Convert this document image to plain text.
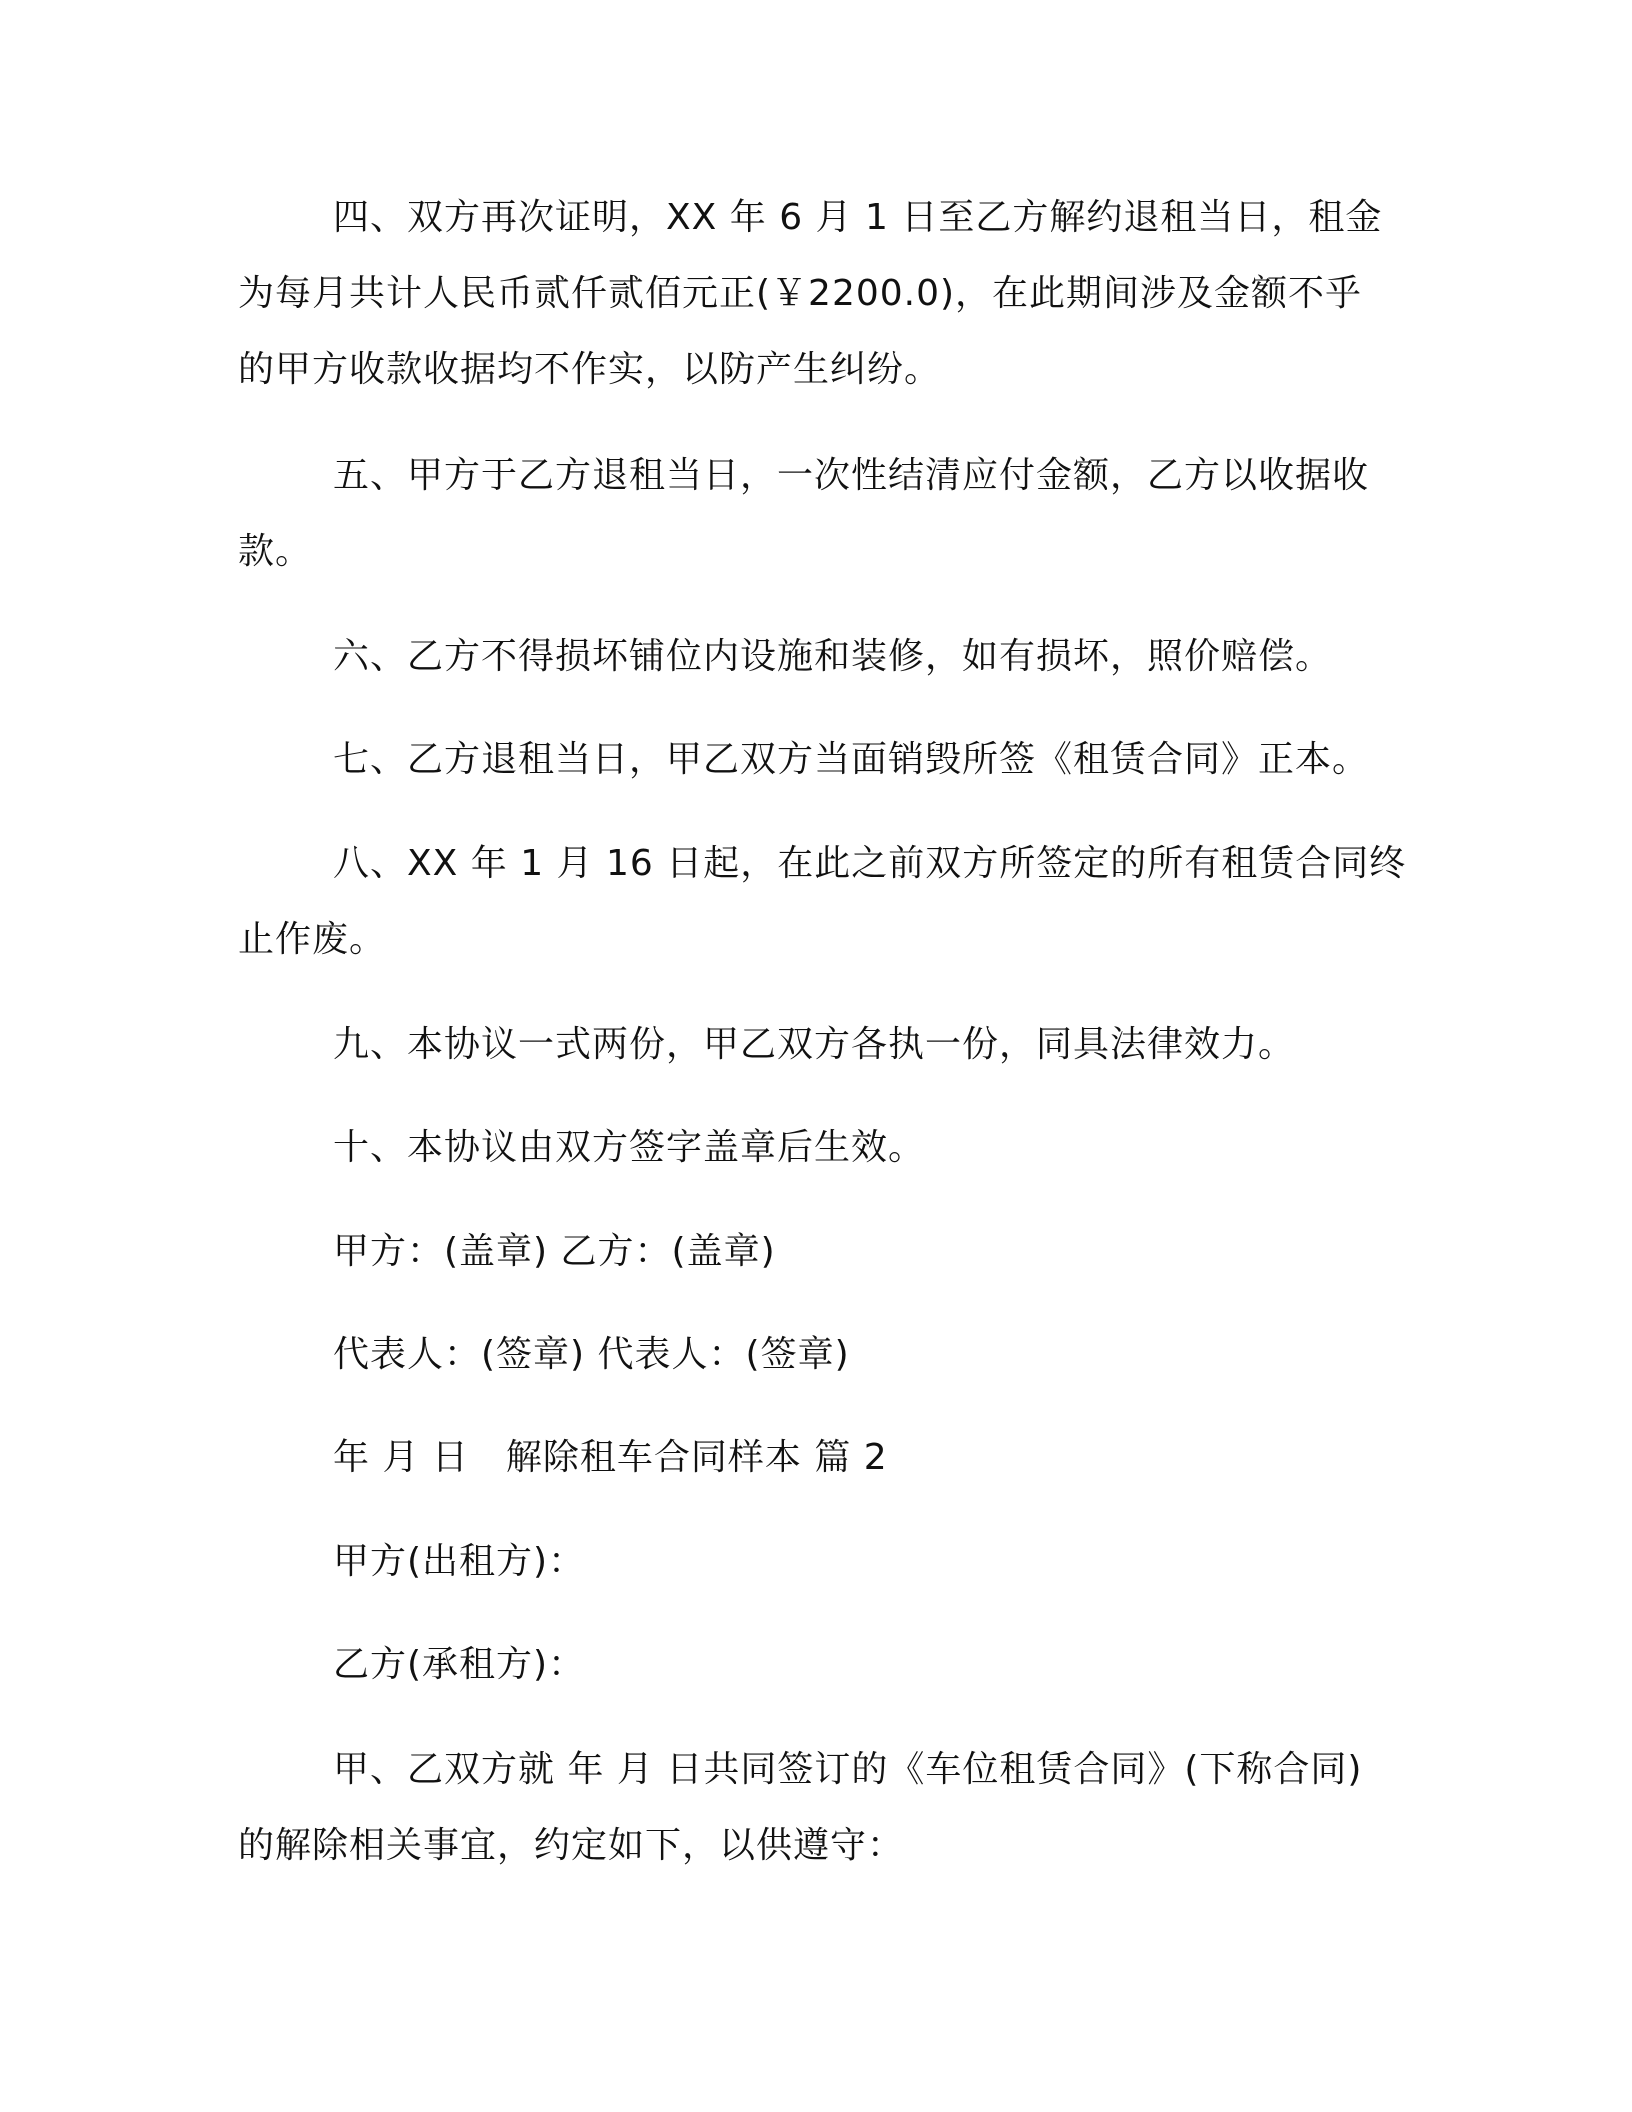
四、双方再次证明，XX 年 6 月 1 日至乙方解约退租当日，租金
为每月共计人民币贰仟贰佰元正(￥2200.0)，在此期间涉及金额不乎
的甲方收款收据均不作实，以防产生纠纷。
五、甲方于乙方退租当日，一次性结清应付金额，乙方以收据收
款。
六、乙方不得损坏铺位内设施和装修，如有损坏，照价赔偿。
七、乙方退租当日，甲乙双方当面销毁所签《租赁合同》正本。
八、XX 年 1 月 16 日起，在此之前双方所签定的所有租赁合同终
止作废。
九、本协议一式两份，甲乙双方各执一份，同具法律效力。
十、本协议由双方签字盖章后生效。
甲方：(盖章) 乙方：(盖章)
代表人：(签章) 代表人：(签章)
年 月 日　解除租车合同样本 篇 2
甲方(出租方)：
乙方(承租方)：
甲、乙双方就 年 月 日共同签订的《车位租赁合同》(下称合同)
的解除相关事宜，约定如下，以供遵守：
